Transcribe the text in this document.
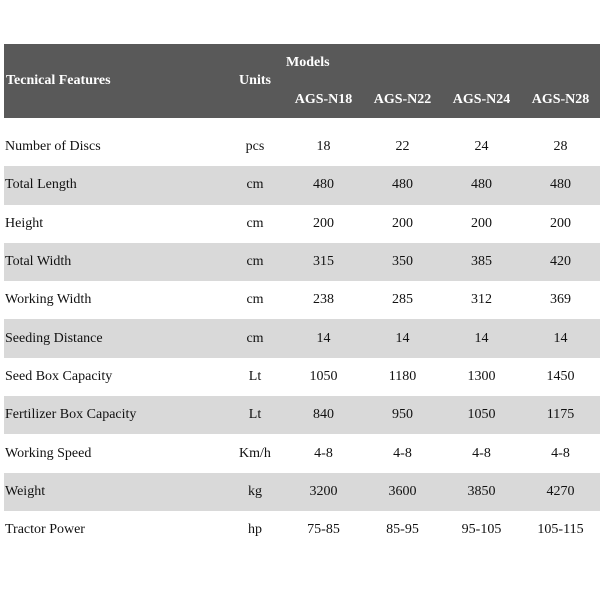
Tecnical Features	Units	Models			
		AGS-N18	AGS-N22	AGS-N24	AGS-N28
Number of Discs	pcs	18	22	24	28
Total Length	cm	480	480	480	480
Height	cm	200	200	200	200
Total Width	cm	315	350	385	420
Working Width	cm	238	285	312	369
Seeding Distance	cm	14	14	14	14
Seed Box Capacity	Lt	1050	1180	1300	1450
Fertilizer Box Capacity	Lt	840	950	1050	1175
Working Speed	Km/h	4-8	4-8	4-8	4-8
Weight	kg	3200	3600	3850	4270
Tractor Power	hp	75-85	85-95	95-105	105-115
